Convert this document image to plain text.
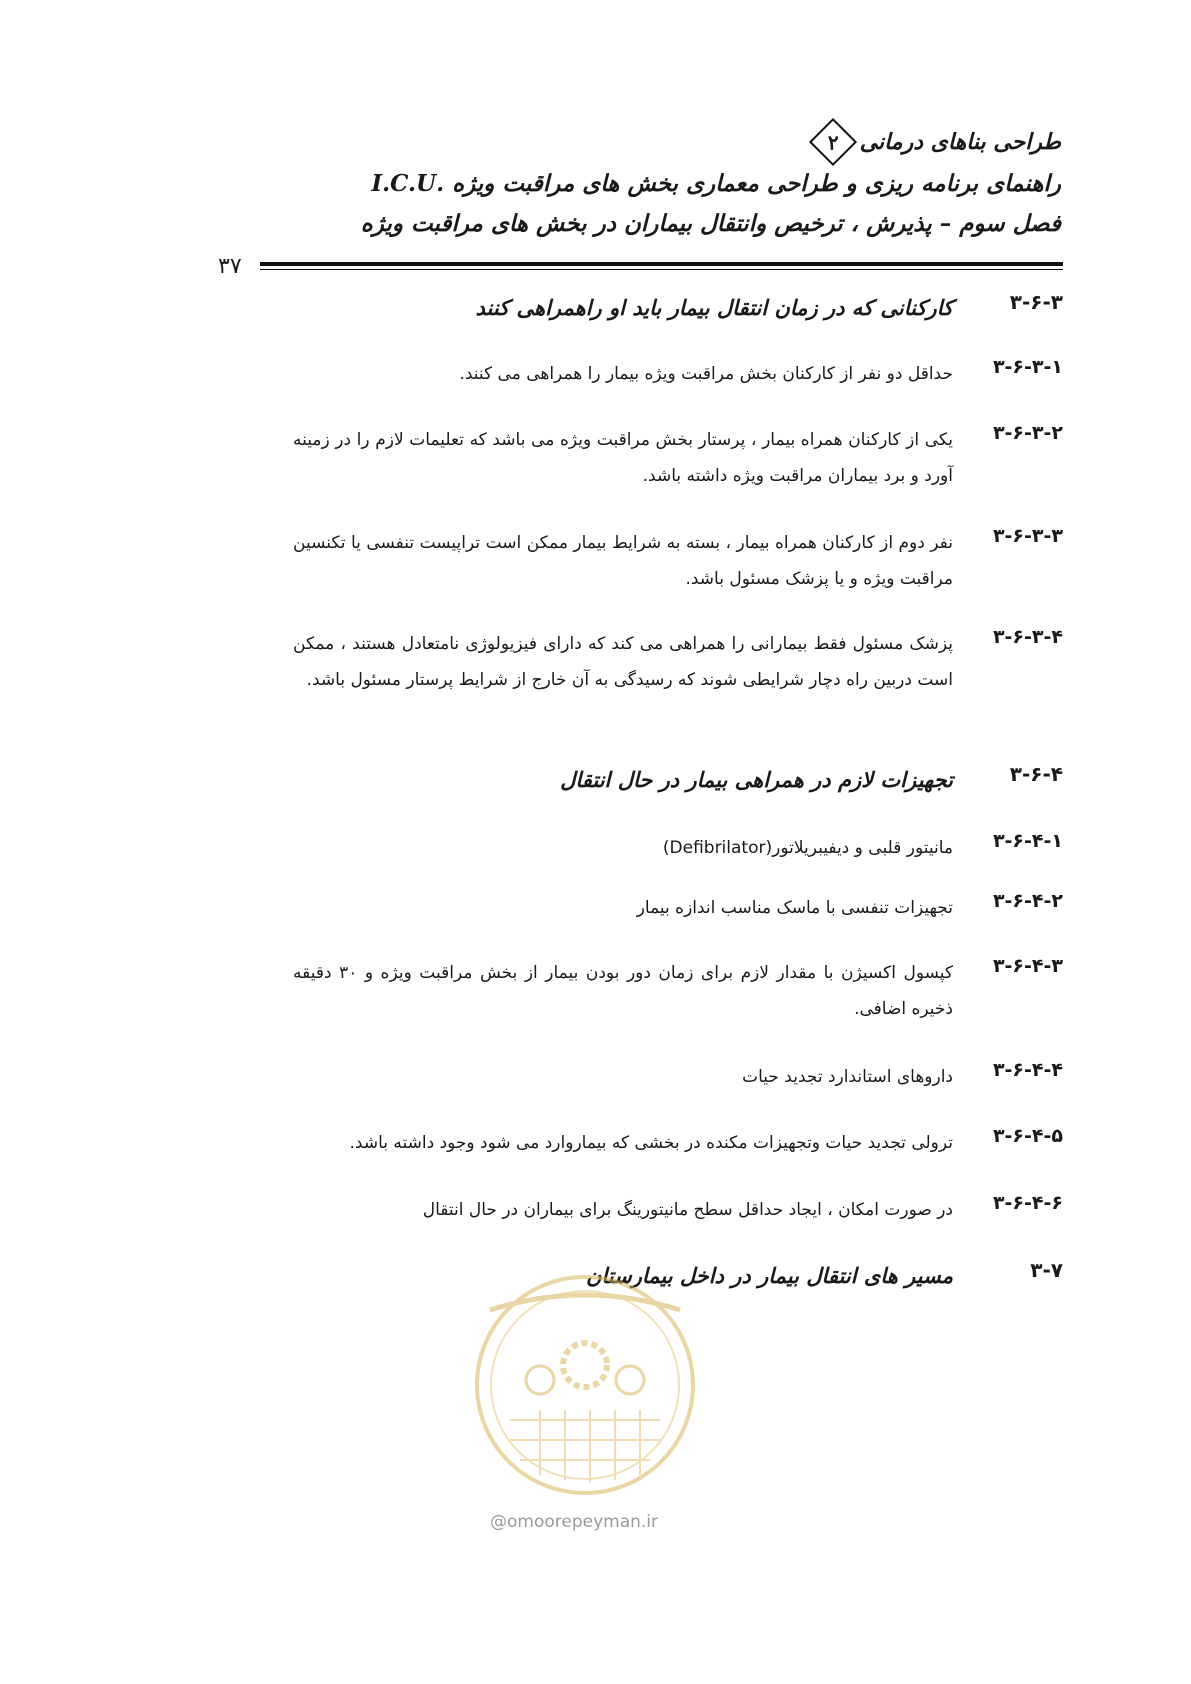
طراحی بناهای درمانی
۲
راهنمای برنامه ریزی و طراحی معماری بخش های مراقبت ویژه .I.C.U
فصل سوم – پذیرش ، ترخیص وانتقال بیماران در بخش های مراقبت ویژه
۳۷
۳-۶-۳
کارکنانی که در زمان انتقال بیمار باید او راهمراهی کنند
۳-۶-۳-۱
حداقل دو نفر از کارکنان بخش مراقبت ویژه بیمار را همراهی می کنند.
۳-۶-۳-۲
یکی از کارکنان همراه بیمار ، پرستار بخش مراقبت ویژه می باشد که تعلیمات لازم را در زمینه آورد و برد بیماران مراقبت ویژه داشته باشد.
۳-۶-۳-۳
نفر دوم از کارکنان همراه بیمار ، بسته به شرایط بیمار ممکن است تراپیست تنفسی یا تکنسین مراقبت ویژه و یا پزشک مسئول باشد.
۳-۶-۳-۴
پزشک مسئول فقط بیمارانی را همراهی می کند که دارای فیزیولوژی نامتعادل هستند ، ممکن است دربین راه دچار شرایطی شوند که رسیدگی به آن خارج از شرایط پرستار مسئول باشد.
۳-۶-۴
تجهیزات لازم در همراهی بیمار در حال انتقال
۳-۶-۴-۱
مانیتور قلبی و دیفیبریلاتور(Defibrilator)
۳-۶-۴-۲
تجهیزات تنفسی با ماسک مناسب اندازه بیمار
۳-۶-۴-۳
کپسول اکسیژن با مقدار لازم برای زمان دور بودن بیمار از بخش مراقبت ویژه و ۳۰ دقیقه ذخیره اضافی.
۳-۶-۴-۴
داروهای استاندارد تجدید حیات
۳-۶-۴-۵
ترولی تجدید حیات وتجهیزات مکنده در بخشی که بیماروارد می شود وجود داشته باشد.
۳-۶-۴-۶
در صورت امکان ، ایجاد حداقل سطح مانیتورینگ برای بیماران در حال انتقال
۳-۷
مسیر های انتقال بیمار در داخل بیمارستان
@omoorepeyman.ir
